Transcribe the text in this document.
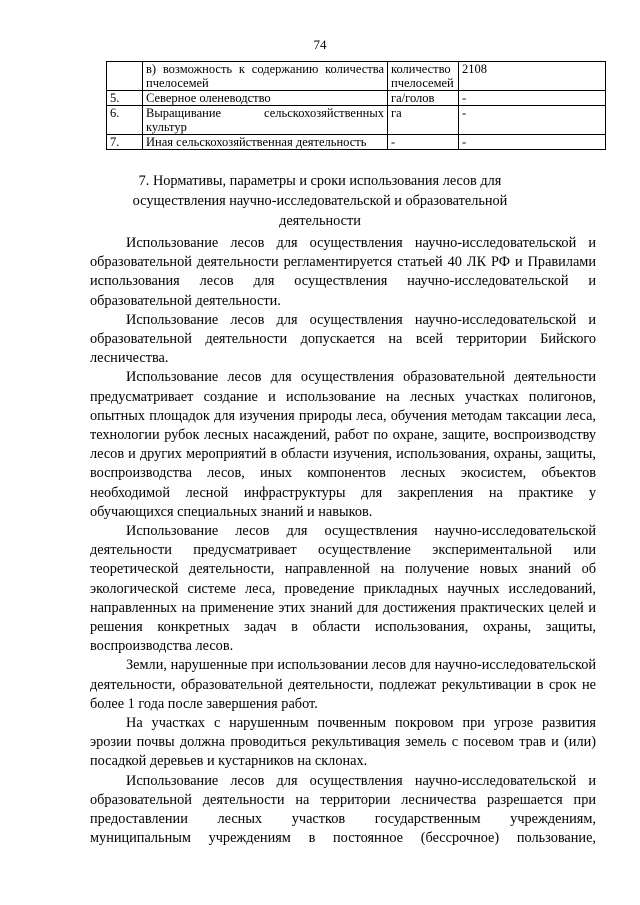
74
	в) возможность к содержанию количества пчелосемей	количество пчелосемей	2108
5.	Северное оленеводство	га/голов	-
6.	Выращивание сельскохозяйственных культур	га	-
7.	Иная сельскохозяйственная деятельность	-	-
7. Нормативы, параметры и сроки использования лесов для осуществления научно-исследовательской и образовательной деятельности

Использование лесов для осуществления научно-исследовательской и образовательной деятельности регламентируется статьей 40 ЛК РФ и Правилами использования лесов для осуществления научно-исследовательской и образовательной деятельности.

Использование лесов для осуществления научно-исследовательской и образовательной деятельности допускается на всей территории Бийского лесничества.

Использование лесов для осуществления образовательной деятельности предусматривает создание и использование на лесных участках полигонов, опытных площадок для изучения природы леса, обучения методам таксации леса, технологии рубок лесных насаждений, работ по охране, защите, воспроизводству лесов и других мероприятий в области изучения, использования, охраны, защиты, воспроизводства лесов, иных компонентов лесных экосистем, объектов необходимой лесной инфраструктуры для закрепления на практике у обучающихся специальных знаний и навыков.

Использование лесов для осуществления научно-исследовательской деятельности предусматривает осуществление экспериментальной или теоретической деятельности, направленной на получение новых знаний об экологической системе леса, проведение прикладных научных исследований, направленных на применение этих знаний для достижения практических целей и решения конкретных задач в области использования, охраны, защиты, воспроизводства лесов.

Земли, нарушенные при использовании лесов для научно-исследовательской деятельности, образовательной деятельности, подлежат рекультивации в срок не более 1 года после завершения работ.

На участках с нарушенным почвенным покровом при угрозе развития эрозии почвы должна проводиться рекультивация земель с посевом трав и (или) посадкой деревьев и кустарников на склонах.

Использование лесов для осуществления научно-исследовательской и образовательной деятельности на территории лесничества разрешается при предоставлении лесных участков государственным учреждениям, муниципальным учреждениям в постоянное (бессрочное) пользование,
